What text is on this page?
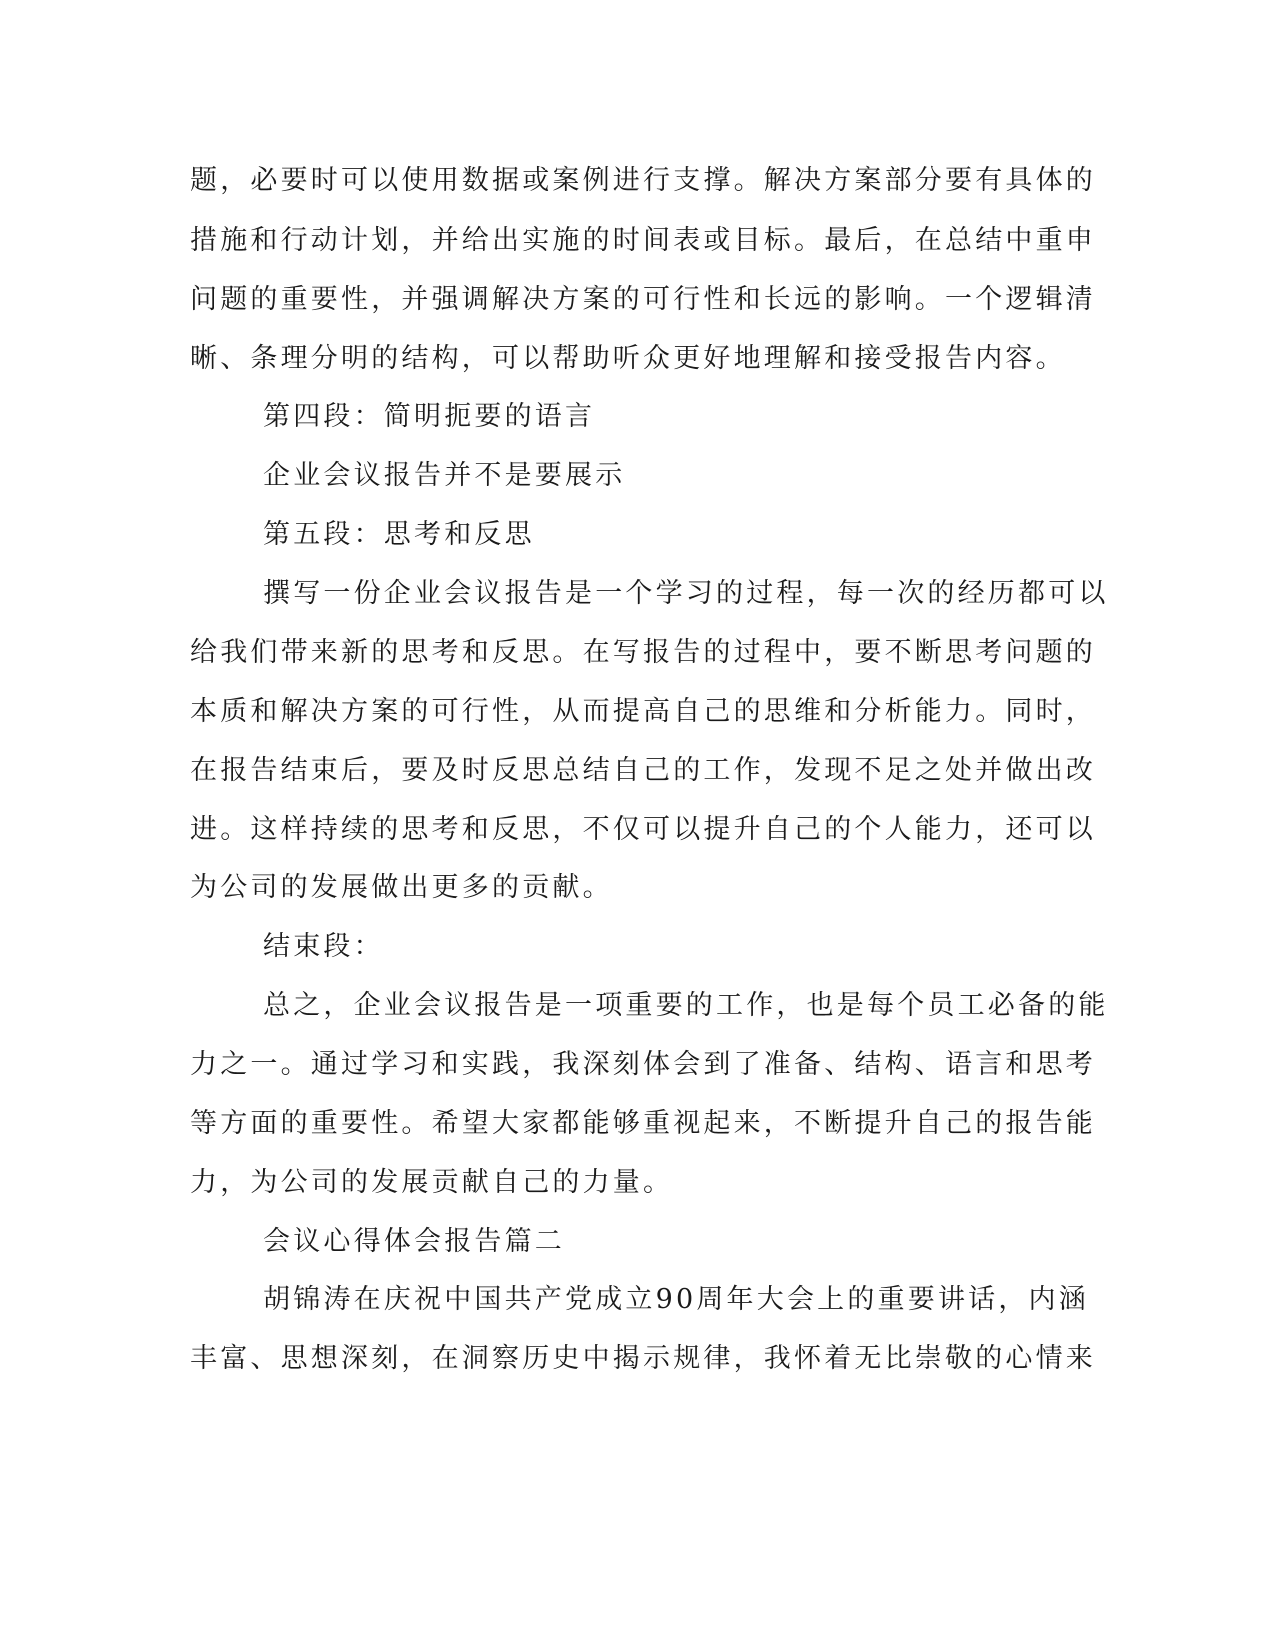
题，必要时可以使用数据或案例进行支撑。解决方案部分要有具体的
措施和行动计划，并给出实施的时间表或目标。最后，在总结中重申
问题的重要性，并强调解决方案的可行性和长远的影响。一个逻辑清
晰、条理分明的结构，可以帮助听众更好地理解和接受报告内容。
第四段：简明扼要的语言
企业会议报告并不是要展示
第五段：思考和反思
撰写一份企业会议报告是一个学习的过程，每一次的经历都可以
给我们带来新的思考和反思。在写报告的过程中，要不断思考问题的
本质和解决方案的可行性，从而提高自己的思维和分析能力。同时，
在报告结束后，要及时反思总结自己的工作，发现不足之处并做出改
进。这样持续的思考和反思，不仅可以提升自己的个人能力，还可以
为公司的发展做出更多的贡献。
结束段：
总之，企业会议报告是一项重要的工作，也是每个员工必备的能
力之一。通过学习和实践，我深刻体会到了准备、结构、语言和思考
等方面的重要性。希望大家都能够重视起来，不断提升自己的报告能
力，为公司的发展贡献自己的力量。
会议心得体会报告篇二
胡锦涛在庆祝中国共产党成立90周年大会上的重要讲话，内涵
丰富、思想深刻，在洞察历史中揭示规律，我怀着无比崇敬的心情来
